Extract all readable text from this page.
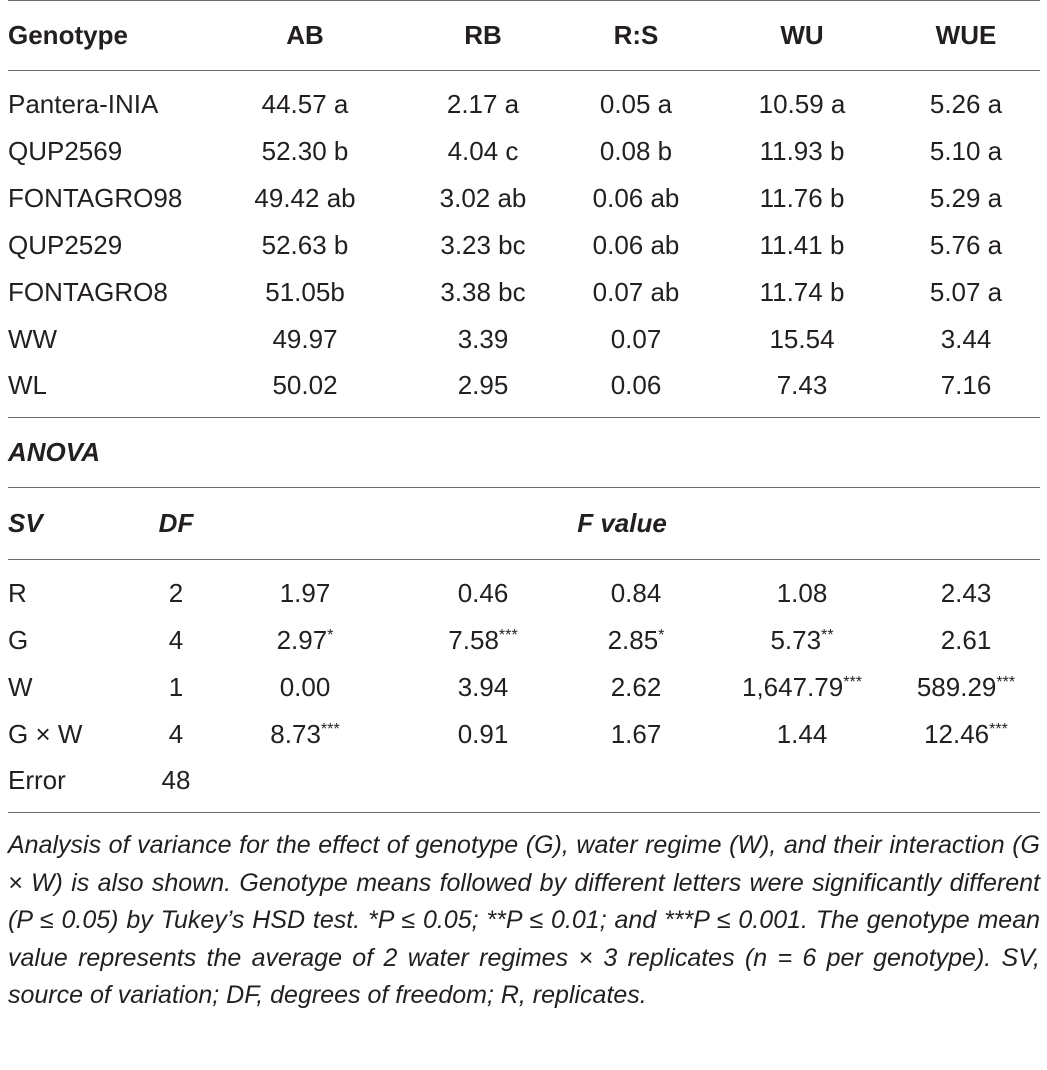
Genotype		AB	RB	R:S	WU	WUE
Pantera-INIA		44.57 a	2.17 a	0.05 a	10.59 a	5.26 a
QUP2569		52.30 b	4.04 c	0.08 b	11.93 b	5.10 a
FONTAGRO98		49.42 ab	3.02 ab	0.06 ab	11.76 b	5.29 a
QUP2529		52.63 b	3.23 bc	0.06 ab	11.41 b	5.76 a
FONTAGRO8		51.05b	3.38 bc	0.07 ab	11.74 b	5.07 a
WW		49.97	3.39	0.07	15.54	3.44
WL		50.02	2.95	0.06	7.43	7.16
ANOVA						
SV	DF	F value				
R	2	1.97	0.46	0.84	1.08	2.43
G	4	2.97*	7.58***	2.85*	5.73**	2.61
W	1	0.00	3.94	2.62	1,647.79***	589.29***
G × W	4	8.73***	0.91	1.67	1.44	12.46***
Error	48					
Analysis of variance for the effect of genotype (G), water regime (W), and their interaction (G × W) is also shown. Genotype means followed by different letters were significantly different (P ≤ 0.05) by Tukey’s HSD test. *P ≤ 0.05; **P ≤ 0.01; and ***P ≤ 0.001. The genotype mean value represents the average of 2 water regimes × 3 replicates (n = 6 per genotype). SV, source of variation; DF, degrees of freedom; R, replicates.
